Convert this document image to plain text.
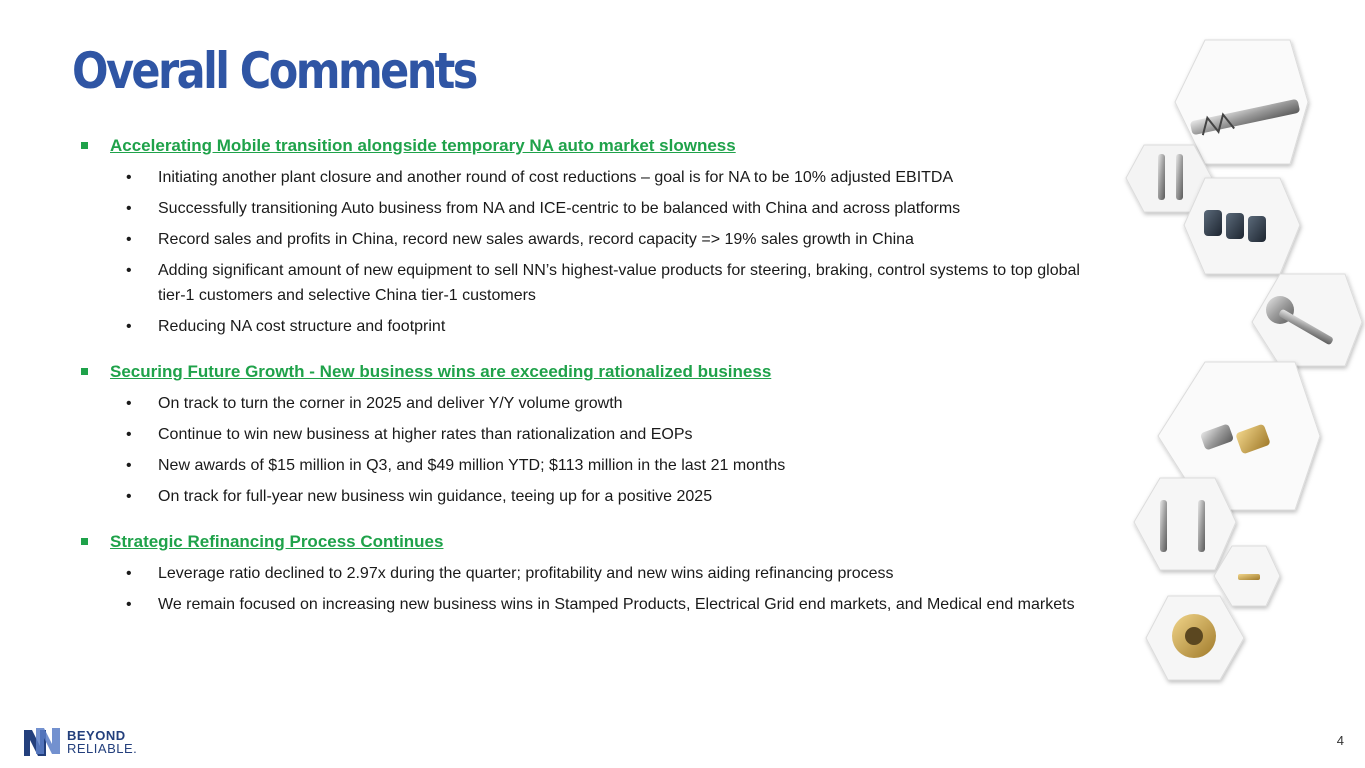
Overall Comments
Accelerating Mobile transition alongside temporary NA auto market slowness
•	Initiating another plant closure and another round of cost reductions – goal is for NA to be 10% adjusted EBITDA
•	Successfully transitioning Auto business from NA and ICE-centric to be balanced with China and across platforms
•	Record sales and profits in China, record new sales awards, record capacity => 19% sales growth in China
•	Adding significant amount of new equipment to sell NN’s highest-value products for steering, braking, control systems to top global tier-1 customers and selective China tier-1 customers
•	Reducing NA cost structure and footprint
Securing Future Growth - New business wins are exceeding rationalized business
•	On track to turn the corner in 2025 and deliver Y/Y volume growth
•	Continue to win new business at higher rates than rationalization and EOPs
•	New awards of $15 million in Q3, and $49 million YTD; $113 million in the last 21 months
•	On track for full-year new business win guidance, teeing up for a positive 2025
Strategic Refinancing Process Continues
•	Leverage ratio declined to 2.97x during the quarter; profitability and new wins aiding refinancing process
•	We remain focused on increasing new business wins in Stamped Products, Electrical Grid end markets, and Medical end markets
BEYOND
RELIABLE.
4
